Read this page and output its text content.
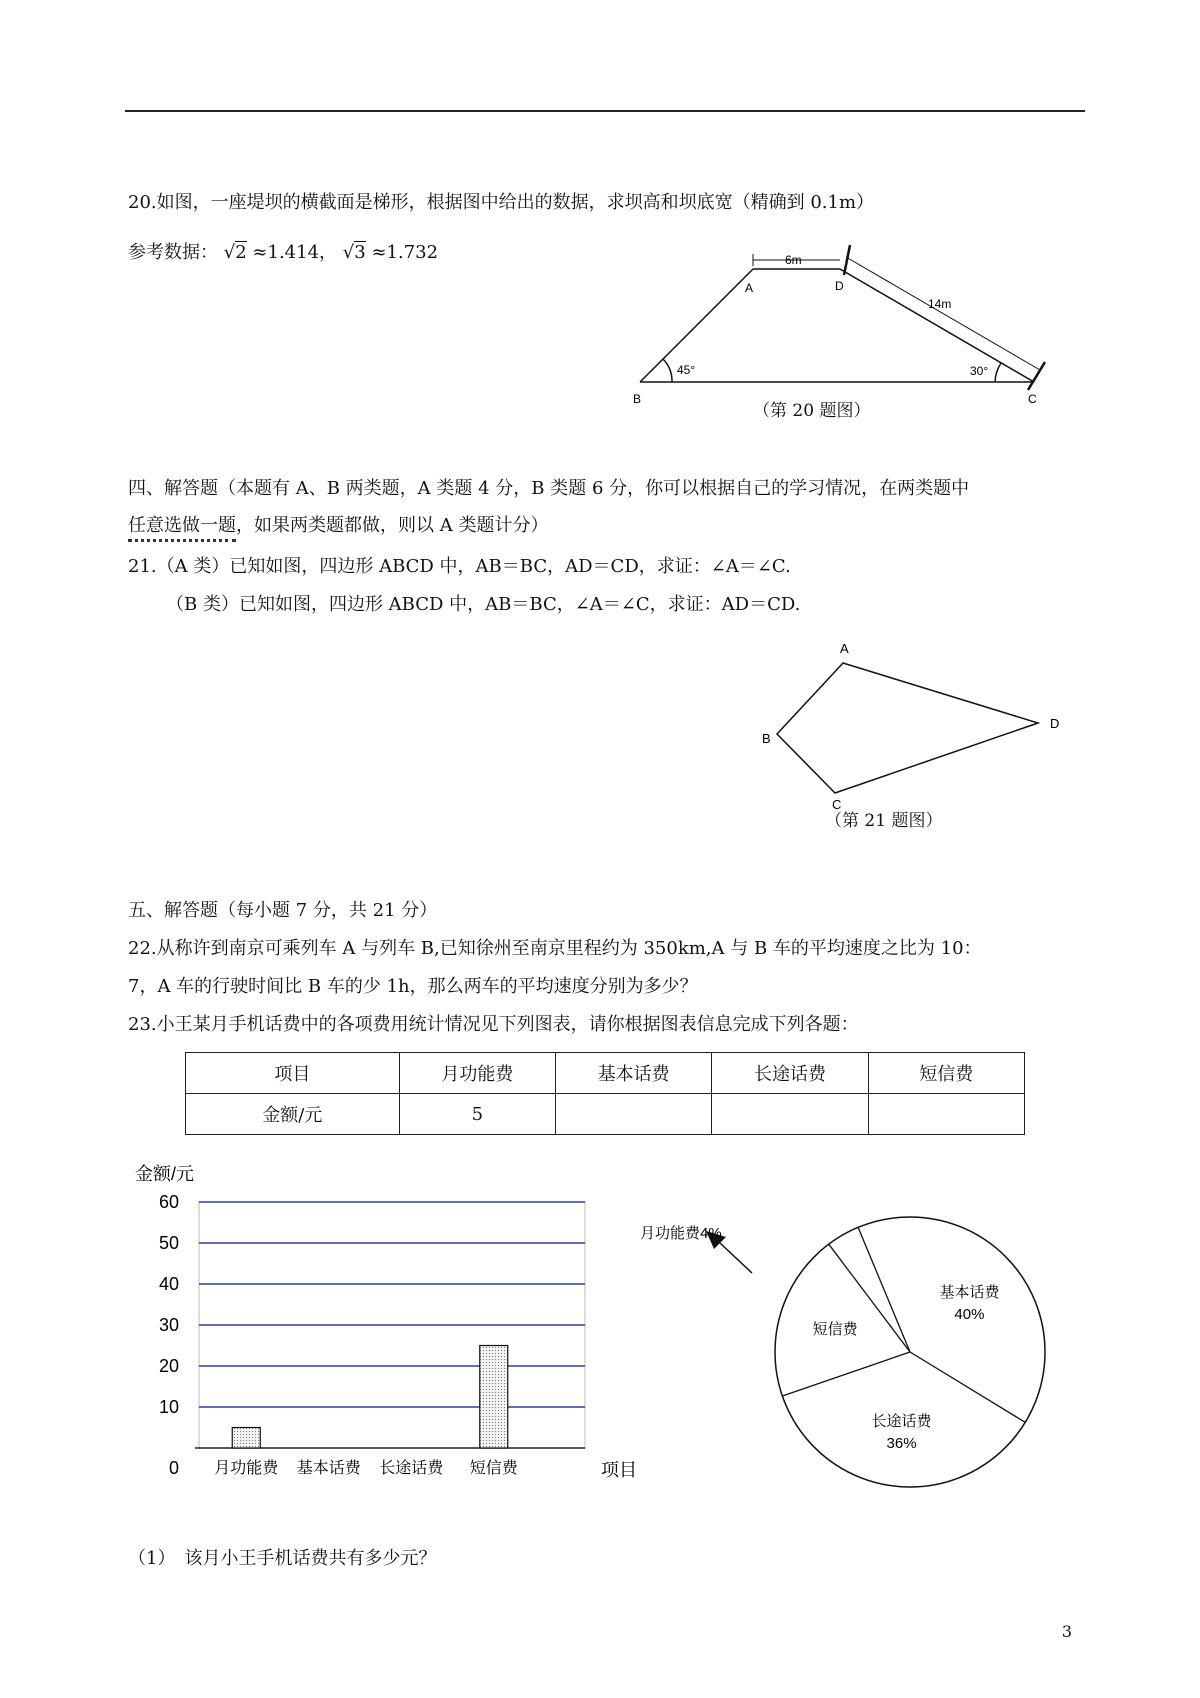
20.如图，一座堤坝的横截面是梯形，根据图中给出的数据，求坝高和坝底宽（精确到 0.1m）
参考数据： √2 ≈1.414， √3 ≈1.732
A	D
B	C
6m
14m
45°	30°
（第 20 题图）
四、解答题（本题有 A、B 两类题，A 类题 4 分，B 类题 6 分，你可以根据自己的学习情况，在两类题中
任意选做一题，如果两类题都做，则以 A 类题计分）
21.（A 类）已知如图，四边形 ABCD 中，AB＝BC，AD＝CD，求证：∠A＝∠C.
（B 类）已知如图，四边形 ABCD 中，AB＝BC，∠A＝∠C，求证：AD＝CD.
A
B
C
D
（第 21 题图）
五、解答题（每小题 7 分，共 21 分）
22.从称许到南京可乘列车 A 与列车 B,已知徐州至南京里程约为 350km,A 与 B 车的平均速度之比为 10：
7，A 车的行驶时间比 B 车的少 1h，那么两车的平均速度分别为多少？
23.小王某月手机话费中的各项费用统计情况见下列图表，请你根据图表信息完成下列各题：
项目	月功能费	基本话费	长途话费	短信费
金额/元	5			
金额/元
0
10
20
30
40
50
60
月功能费 基本话费 长途话费 短信费	项目
月功能费4%
基本话费
40%
长途话费
36%
短信费
（1）　该月小王手机话费共有多少元？
3
